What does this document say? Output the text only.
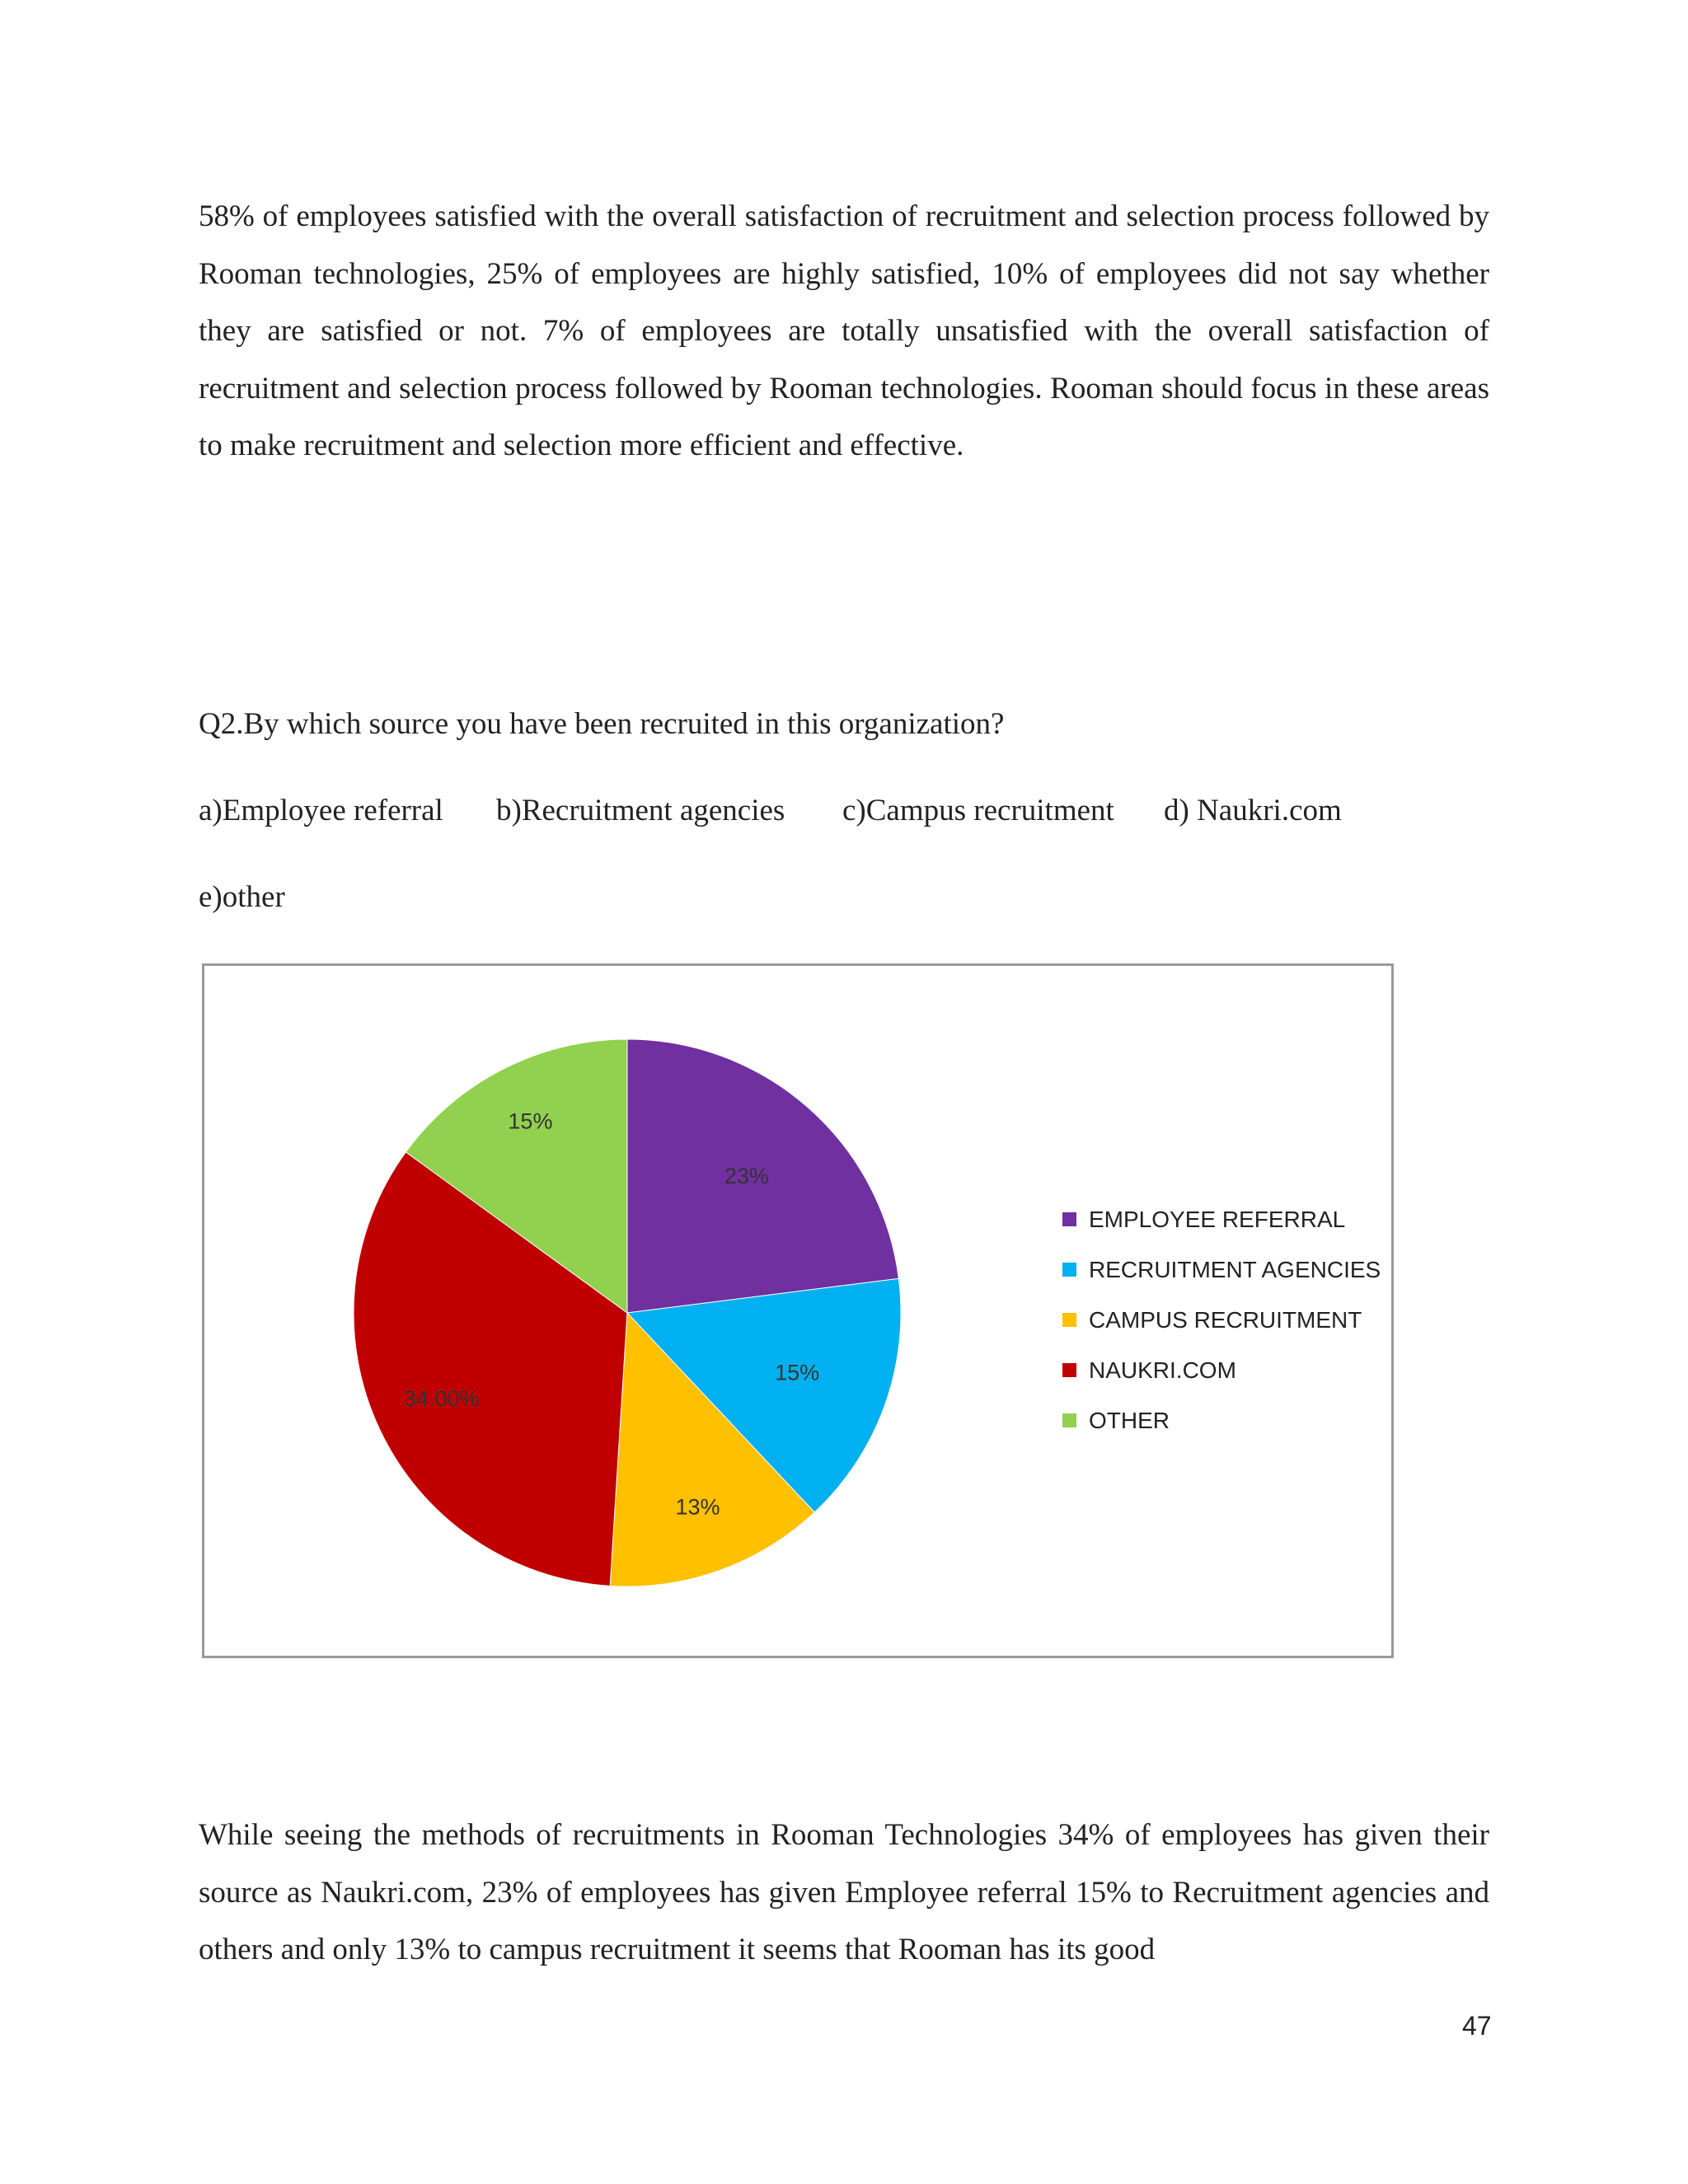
58% of employees satisfied with the overall satisfaction of recruitment and selection process followed by Rooman technologies, 25% of employees are highly satisfied, 10% of employees did not say whether they are satisfied or not. 7% of employees are totally unsatisfied with the overall satisfaction of recruitment and selection process followed by Rooman technologies. Rooman should focus in these areas to make recruitment and selection more efficient and effective.

Q2.By which source you have been recruited in this organization?

a)Employee referral b)Recruitment agencies c)Campus recruitment d) Naukri.com

e)other

23%
15%
13%
34.00%
15%
EMPLOYEE REFERRAL
RECRUITMENT AGENCIES
CAMPUS RECRUITMENT
NAUKRI.COM
OTHER

While seeing the methods of recruitments in Rooman Technologies 34% of employees has given their source as Naukri.com, 23% of employees has given Employee referral 15% to Recruitment agencies and others and only 13% to campus recruitment it seems that Rooman has its good

47
